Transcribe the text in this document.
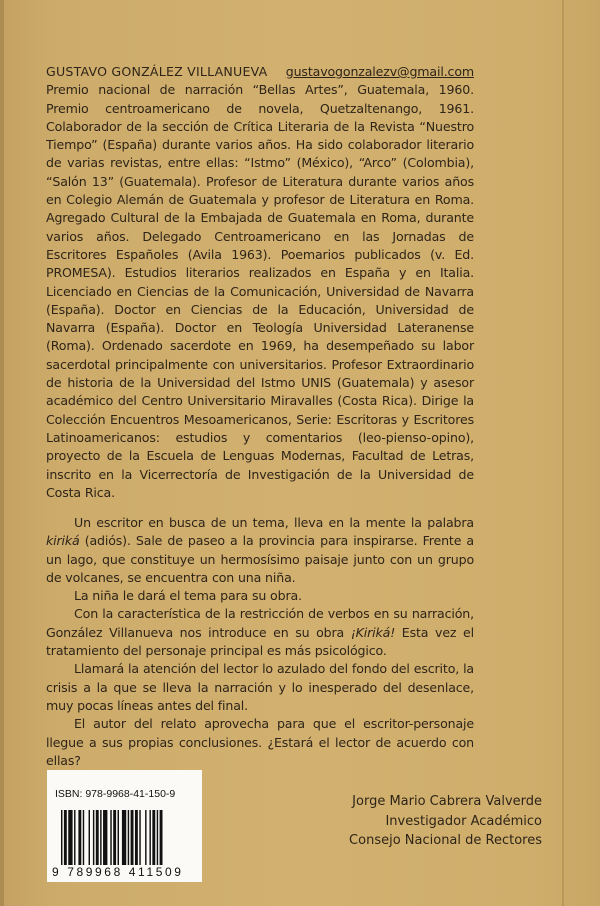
GUSTAVO GONZÁLEZ VILLANUEVA gustavogonzalezv@gmail.com
Premio nacional de narración “Bellas Artes”, Guatemala, 1960. Premio centroamericano de novela, Quetzaltenango, 1961. Colaborador de la sección de Crítica Literaria de la Revista “Nuestro Tiempo” (España) durante varios años. Ha sido colaborador literario de varias revistas, entre ellas: “Istmo” (México), “Arco” (Colombia), “Salón 13” (Guatemala). Profesor de Literatura durante varios años en Colegio Alemán de Guatemala y profesor de Literatura en Roma. Agregado Cultural de la Embajada de Guatemala en Roma, durante varios años. Delegado Centroamericano en las Jornadas de Escritores Españoles (Avila 1963). Poemarios publicados (v. Ed. PROMESA). Estudios literarios realizados en España y en Italia. Licenciado en Ciencias de la Comunicación, Universidad de Navarra (España). Doctor en Ciencias de la Educación, Universidad de Navarra (España). Doctor en Teología Universidad Lateranense (Roma). Ordenado sacerdote en 1969, ha desempeñado su labor sacerdotal principalmente con universitarios. Profesor Extraordinario de historia de la Universidad del Istmo UNIS (Guatemala) y asesor académico del Centro Universitario Miravalles (Costa Rica). Dirige la Colección Encuentros Mesoamericanos, Serie: Escritoras y Escritores Latinoamericanos: estudios y comentarios (leo-pienso-opino), proyecto de la Escuela de Lenguas Modernas, Facultad de Letras, inscrito en la Vicerrectoría de Investigación de la Universidad de Costa Rica.

Un escritor en busca de un tema, lleva en la mente la palabra kiriká (adiós). Sale de paseo a la provincia para inspirarse. Frente a un lago, que constituye un hermosísimo paisaje junto con un grupo de volcanes, se encuentra con una niña.

La niña le dará el tema para su obra.

Con la característica de la restricción de verbos en su narración, González Villanueva nos introduce en su obra ¡Kiriká! Esta vez el tratamiento del personaje principal es más psicológico.

Llamará la atención del lector lo azulado del fondo del escrito, la crisis a la que se lleva la narración y lo inesperado del desenlace, muy pocas líneas antes del final.

El autor del relato aprovecha para que el escritor-personaje llegue a sus propias conclusiones. ¿Estará el lector de acuerdo con ellas?

ISBN: 978-9968-41-150-9
9 789968 411509
Jorge Mario Cabrera Valverde
Investigador Académico
Consejo Nacional de Rectores
